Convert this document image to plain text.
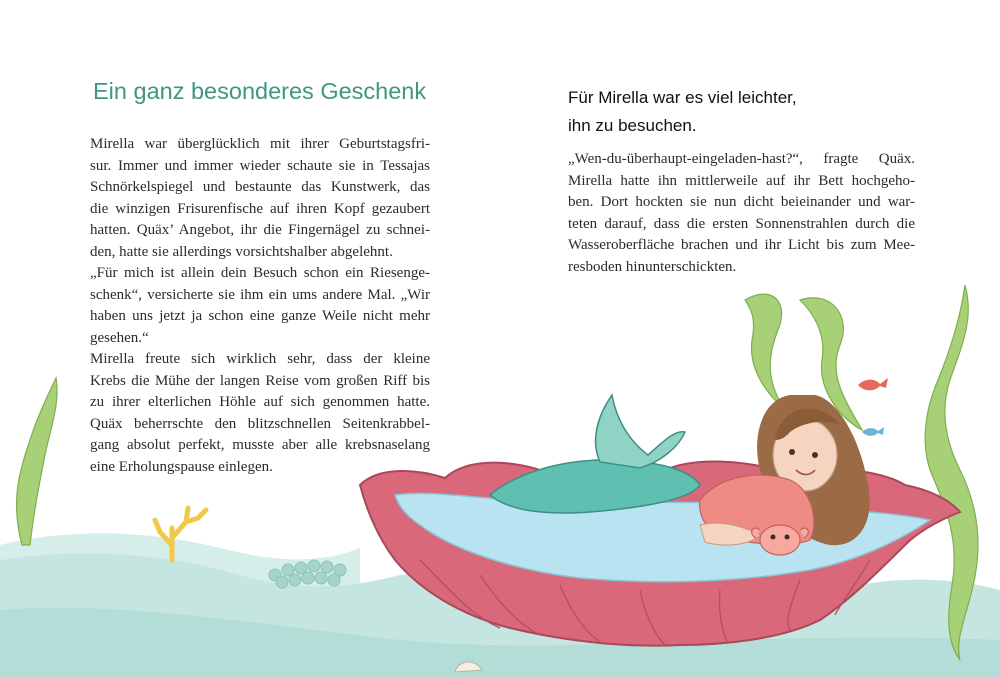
Ein ganz besonderes Geschenk

Mirella war überglücklich mit ihrer Geburtstagsfri-
sur. Immer und immer wieder schaute sie in Tessajas
Schnörkelspiegel und bestaunte das Kunstwerk, das
die winzigen Frisurenfische auf ihren Kopf gezaubert
hatten. Quäx’ Angebot, ihr die Fingernägel zu schnei-
den, hatte sie allerdings vorsichtshalber abgelehnt.
„Für mich ist allein dein Besuch schon ein Riesenge-
schenk“, versicherte sie ihm ein ums andere Mal. „Wir
haben uns jetzt ja schon eine ganze Weile nicht mehr
gesehen.“
Mirella freute sich wirklich sehr, dass der kleine
Krebs die Mühe der langen Reise vom großen Riff bis
zu ihrer elterlichen Höhle auf sich genommen hatte.
Quäx beherrschte den blitzschnellen Seitenkrabbel-
gang absolut perfekt, musste aber alle krebsnaselang
eine Erholungspause einlegen.

Für Mirella war es viel leichter,
ihn zu besuchen.

„Wen-du-überhaupt-eingeladen-hast?“, fragte Quäx.
Mirella hatte ihn mittlerweile auf ihr Bett hochgeho-
ben. Dort hockten sie nun dicht beieinander und war-
teten darauf, dass die ersten Sonnenstrahlen durch die
Wasseroberfläche brachen und ihr Licht bis zum Mee-
resboden hinunterschickten.
